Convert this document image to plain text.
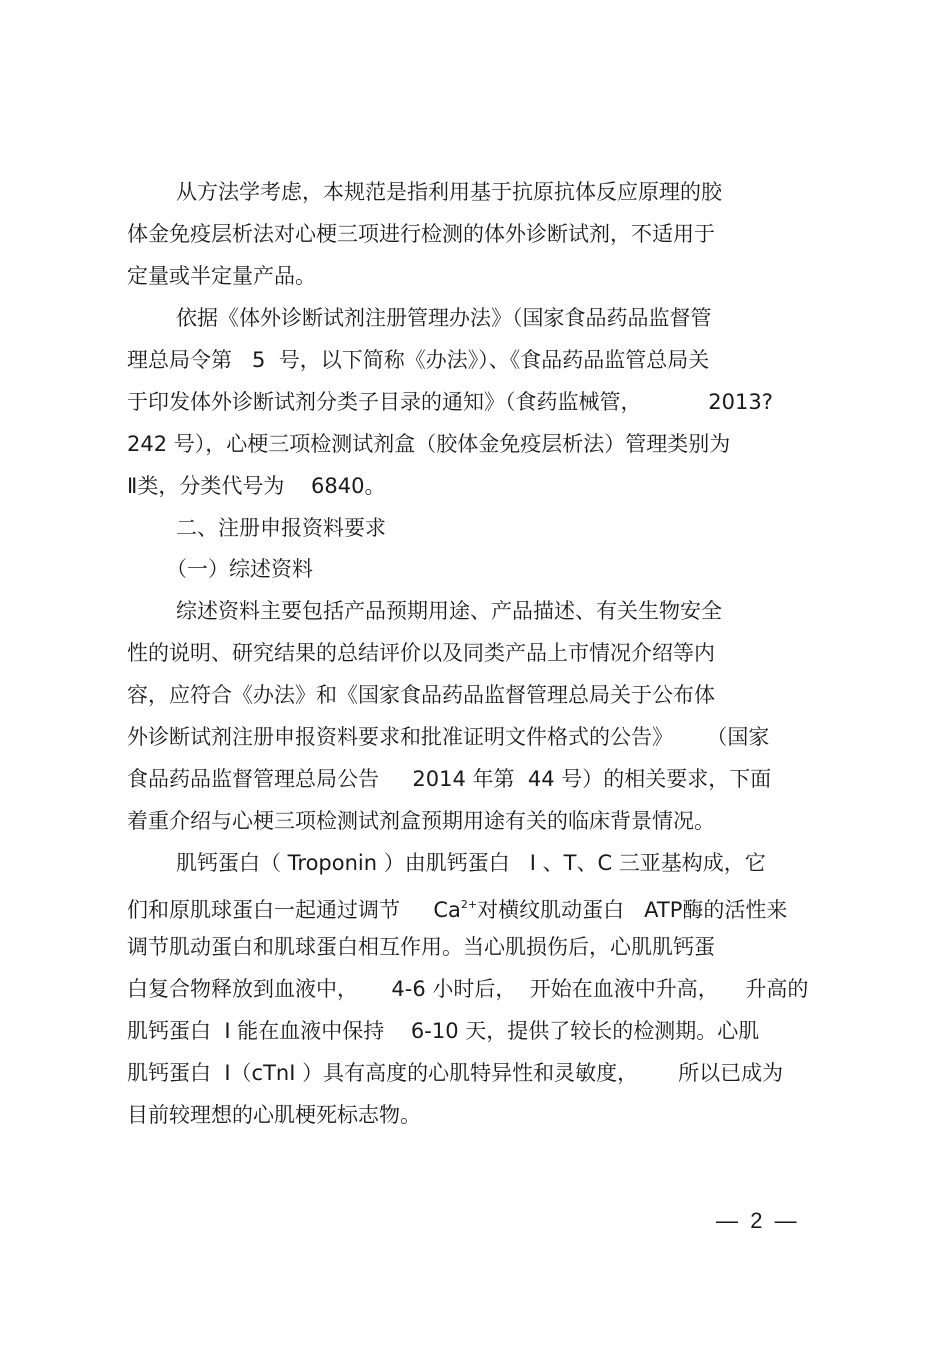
从方法学考虑，本规范是指利用基于抗原抗体反应原理的胶
体金免疫层析法对心梗三项进行检测的体外诊断试剂，不适用于
定量或半定量产品。
依据《体外诊断试剂注册管理办法》（国家食品药品监督管
理总局令第   5  号，以下简称《办法》）、《食品药品监管总局关
于印发体外诊断试剂分类子目录的通知》（食药监械管，          2013?
242 号），心梗三项检测试剂盒（胶体金免疫层析法）管理类别为
Ⅱ类，分类代号为    6840。
二、注册申报资料要求
（一）综述资料
综述资料主要包括产品预期用途、产品描述、有关生物安全
性的说明、研究结果的总结评价以及同类产品上市情况介绍等内
容，应符合《办法》和《国家食品药品监督管理总局关于公布体
外诊断试剂注册申报资料要求和批准证明文件格式的公告》     （国家
食品药品监督管理总局公告     2014 年第  44 号）的相关要求，下面
着重介绍与心梗三项检测试剂盒预期用途有关的临床背景情况。
肌钙蛋白（ Troponin ）由肌钙蛋白   I 、T、C 三亚基构成，它
们和原肌球蛋白一起通过调节     $Ca^{2+}$对横纹肌动蛋白   ATP酶的活性来
调节肌动蛋白和肌球蛋白相互作用。当心肌损伤后，心肌肌钙蛋
白复合物释放到血液中，     4-6 小时后，  开始在血液中升高，    升高的
肌钙蛋白  I 能在血液中保持    6-10 天，提供了较长的检测期。心肌
肌钙蛋白  I（cTnI ）具有高度的心肌特异性和灵敏度，      所以已成为
目前较理想的心肌梗死标志物。
—  2  —
